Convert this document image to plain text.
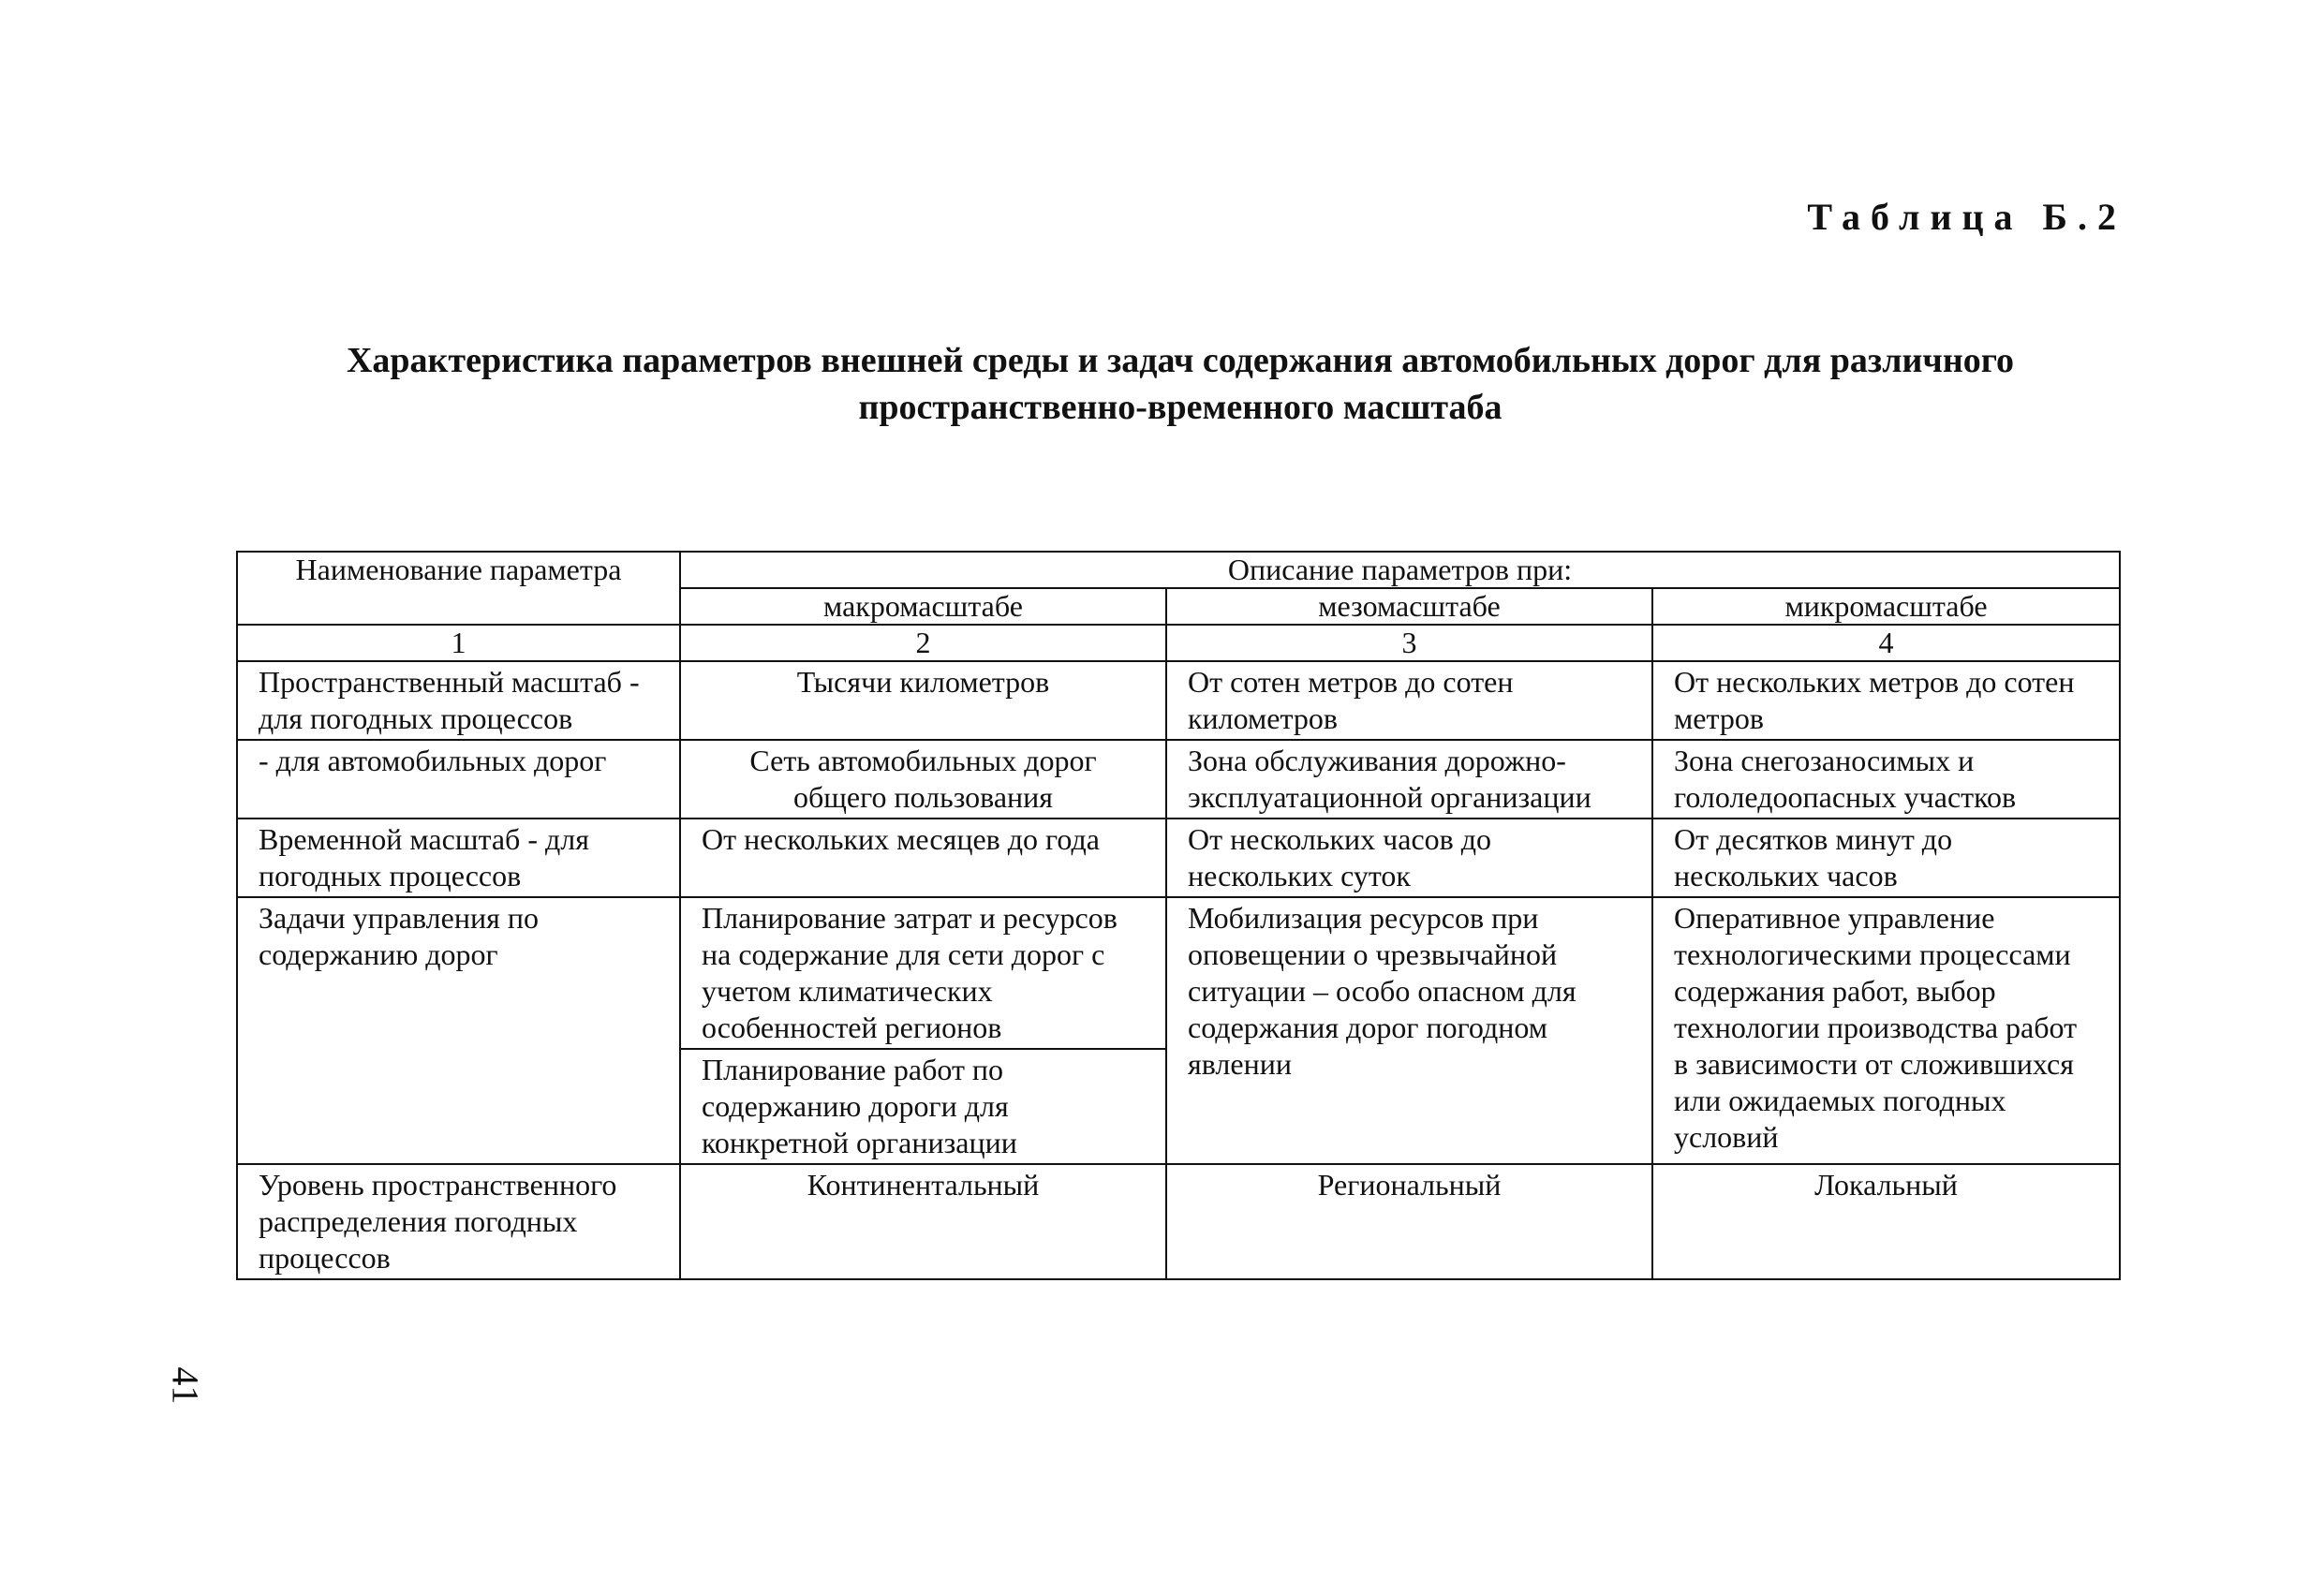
Таблица Б.2
Характеристика параметров внешней среды и задач содержания автомобильных дорог для различного
пространственно-временного масштаба
Наименование параметра	Описание параметров при:		
	макромасштабе	мезомасштабе	микромасштабе
1	2	3	4
Пространственный масштаб - для погодных процессов	Тысячи километров	От сотен метров до сотен километров	От нескольких метров до сотен метров
- для автомобильных дорог	Сеть автомобильных дорог общего пользования	Зона обслуживания дорожно-эксплуатационной организации	Зона снегозаносимых и гололедоопасных участков
Временной масштаб - для погодных процессов	От нескольких месяцев до года	От нескольких часов до нескольких суток	От десятков минут до нескольких часов
Задачи управления по содержанию дорог	Планирование затрат и ресурсов на содержание для сети дорог с учетом климатических особенностей регионов	Мобилизация ресурсов при оповещении о чрезвычайной ситуации – особо опасном для содержания дорог погодном явлении	Оперативное управление технологическими процессами содержания работ, выбор технологии производства работ в зависимости от сложившихся или ожидаемых погодных условий
	Планирование работ по содержанию дороги для конкретной организации		
Уровень пространственного распределения погодных процессов	Континентальный	Региональный	Локальный
41
